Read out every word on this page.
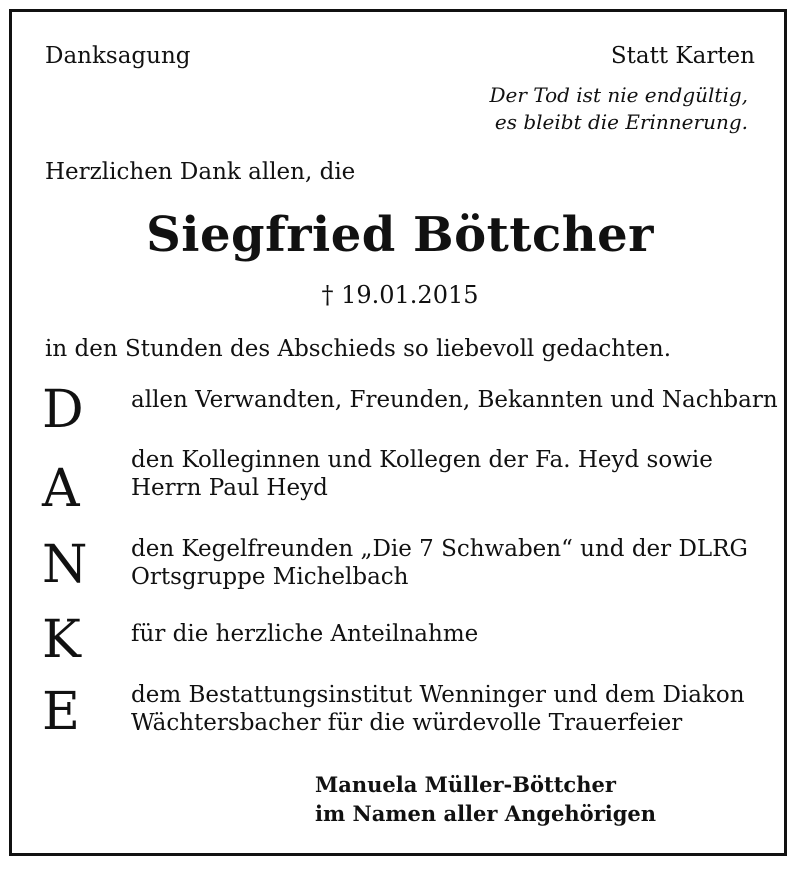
Danksagung	Statt Karten
Der Tod ist nie endgültig,
es bleibt die Erinnerung.
Herzlichen Dank allen, die
Siegfried Böttcher
† 19.01.2015
in den Stunden des Abschieds so liebevoll gedachten.
D allen Verwandten, Freunden, Bekannten und Nachbarn
A den Kolleginnen und Kollegen der Fa. Heyd sowie
Herrn Paul Heyd
N den Kegelfreunden „Die 7 Schwaben“ und der DLRG
Ortsgruppe Michelbach
K für die herzliche Anteilnahme
E dem Bestattungsinstitut Wenninger und dem Diakon
Wächtersbacher für die würdevolle Trauerfeier
Manuela Müller-Böttcher
im Namen aller Angehörigen
